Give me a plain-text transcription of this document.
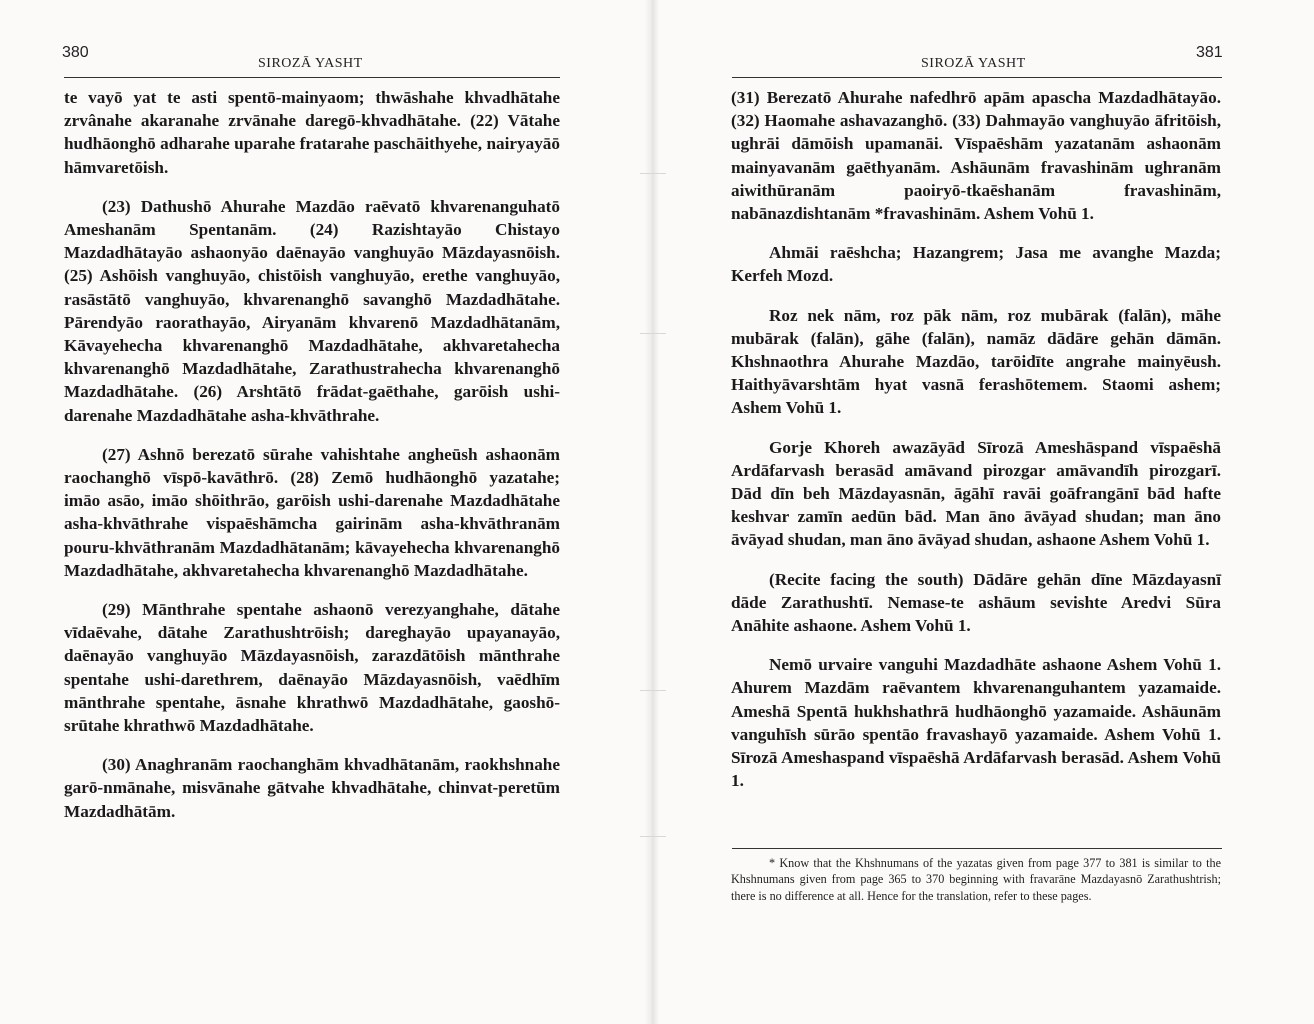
380
SIROZĀ YASHT

te vayō yat te asti spentō-mainyaom; thwāshahe khvadhātahe zrvânahe akaranahe zrvānahe daregō-khvadhātahe. (22) Vātahe hudhāonghō adharahe uparahe fratarahe paschāithyehe, nairyayāō hāmvaretōish.

(23) Dathushō Ahurahe Mazdāo raēvatō khvarenanguhatō Ameshanām Spentanām. (24) Razishtayāo Chistayo Mazdadhātayāo ashaonyāo daēnayāo vanghuyāo Māzdayasnōish. (25) Ashōish vanghuyāo, chistōish vanghuyāo, erethe vanghuyāo, rasāstātō vanghuyāo, khvarenanghō savanghō Mazdadhātahe. Pārendyāo raorathayāo, Airyanām khvarenō Mazdadhātanām, Kāvayehecha khvarenanghō Mazdadhātahe, akhvaretahecha khvarenanghō Mazdadhātahe, Zarathustrahecha khvarenanghō Mazdadhātahe. (26) Arshtātō frādat-gaēthahe, garōish ushi-darenahe Mazdadhātahe asha-khvāthrahe.

(27) Ashnō berezatō sūrahe vahishtahe angheūsh ashaonām raochanghō vīspō-kavāthrō. (28) Zemō hudhāonghō yazatahe; imāo asāo, imāo shōithrāo, garōish ushi-darenahe Mazdadhātahe asha-khvāthrahe vispaēshāmcha gairinām asha-khvāthranām pouru-khvāthranām Mazdadhātanām; kāvayehecha khvarenanghō Mazdadhātahe, akhvaretahecha khvarenanghō Mazdadhātahe.

(29) Mānthrahe spentahe ashaonō verezyanghahe, dātahe vīdaēvahe, dātahe Zarathushtrōish; dareghayāo upayanayāo, daēnayāo vanghuyāo Māzdayasnōish, zarazdātōish mānthrahe spentahe ushi-darethrem, daēnayāo Māzdayasnōish, vaēdhīm mānthrahe spentahe, āsnahe khrathwō Mazdadhātahe, gaoshō-srūtahe khrathwō Mazdadhātahe.

(30) Anaghranām raochanghām khvadhātanām, raokhshnahe garō-nmānahe, misvānahe gātvahe khvadhātahe, chinvat-peretūm Mazdadhātām.

381
SIROZĀ YASHT

(31) Berezatō Ahurahe nafedhrō apām apascha Mazdadhātayāo. (32) Haomahe ashavazanghō. (33) Dahmayāo vanghuyāo āfritōish, ughrāi dāmōish upamanāi. Vīspaēshām yazatanām ashaonām mainyavanām gaēthyanām. Ashāunām fravashinām ughranām aiwithūranām paoiryō-tkaēshanām fravashinām, nabānazdishtanām *fravashinām. Ashem Vohū 1.

Ahmāi raēshcha; Hazangrem; Jasa me avanghe Mazda; Kerfeh Mozd.

Roz nek nām, roz pāk nām, roz mubārak (falān), māhe mubārak (falān), gāhe (falān), namāz dādāre gehān dāmān. Khshnaothra Ahurahe Mazdāo, tarōidīte angrahe mainyēush. Haithyāvarshtām hyat vasnā ferashōtemem. Staomi ashem; Ashem Vohū 1.

Gorje Khoreh awazāyād Sīrozā Ameshāspand vīspaēshā Ardāfarvash berasād amāvand pirozgar amāvandīh pirozgarī. Dād dīn beh Māzdayasnān, āgāhī ravāi goāfrangānī bād hafte keshvar zamīn aedūn bād. Man āno āvāyad shudan; man āno āvāyad shudan, man āno āvāyad shudan, ashaone Ashem Vohū 1.

(Recite facing the south) Dādāre gehān dīne Māzdayasnī dāde Zarathushtī. Nemase-te ashāum sevishte Aredvi Sūra Anāhite ashaone. Ashem Vohū 1.

Nemō urvaire vanguhi Mazdadhāte ashaone Ashem Vohū 1. Ahurem Mazdām raēvantem khvarenanguhantem yazamaide. Ameshā Spentā hukhshathrā hudhāonghō yazamaide. Ashāunām vanguhīsh sūrāo spentāo fravashayō yazamaide. Ashem Vohū 1. Sīrozā Ameshaspand vīspaēshā Ardāfarvash berasād. Ashem Vohū 1.

* Know that the Khshnumans of the yazatas given from page 377 to 381 is similar to the Khshnumans given from page 365 to 370 beginning with fravarāne Mazdayasnō Zarathushtrish; there is no difference at all. Hence for the translation, refer to these pages.
